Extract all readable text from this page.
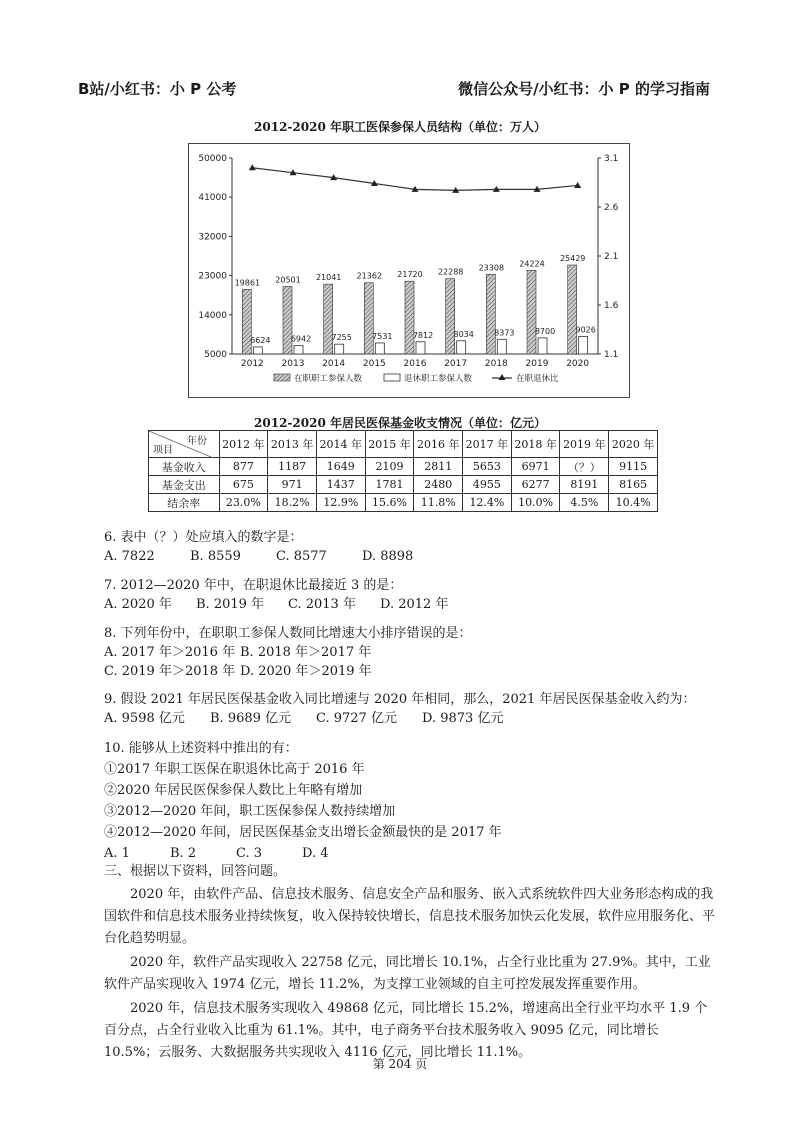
B站/小红书：小 P 公考	微信公众号/小红书：小 P 的学习指南
2012-2020 年职工医保参保人员结构（单位：万人）
5000
14000
23000
32000
41000
50000
1.1
1.6
2.1
2.6
3.1
19861
6624
2012
20501
6942
2013
21041
7255
2014
21362
7531
2015
21720
7812
2016
22288
8034
2017
23308
8373
2018
24224
8700
2019
25429
9026
2020
在职职工参保人数	退休职工参保人数	在职退休比
2012-2020 年居民医保基金收支情况（单位：亿元）
年份
项目	2012 年	2013 年	2014 年	2015 年	2016 年	2017 年	2018 年	2019 年	2020 年
基金收入	877	1187	1649	2109	2811	5653	6971	（？）	9115
基金支出	675	971	1437	1781	2480	4955	6277	8191	8165
结余率	23.0%	18.2%	12.9%	15.6%	11.8%	12.4%	10.0%	4.5%	10.4%
6. 表中（？）处应填入的数字是：
A. 7822	B. 8559	C. 8577	D. 8898
7. 2012—2020 年中，在职退休比最接近 3 的是：
A. 2020 年 B. 2019 年 C. 2013 年 D. 2012 年
8. 下列年份中，在职职工参保人数同比增速大小排序错误的是：
A. 2017 年＞2016 年 B. 2018 年＞2017 年
C. 2019 年＞2018 年 D. 2020 年＞2019 年
9. 假设 2021 年居民医保基金收入同比增速与 2020 年相同，那么，2021 年居民医保基金收入约为：
A. 9598 亿元 B. 9689 亿元 C. 9727 亿元 D. 9873 亿元
10. 能够从上述资料中推出的有：
①2017 年职工医保在职退休比高于 2016 年
②2020 年居民医保参保人数比上年略有增加
③2012—2020 年间，职工医保参保人数持续增加
④2012—2020 年间，居民医保基金支出增长金额最快的是 2017 年
A. 1	B. 2	C. 3	D. 4
三、根据以下资料，回答问题。
2020 年，由软件产品、信息技术服务、信息安全产品和服务、嵌入式系统软件四大业务形态构成的我国软件和信息技术服务业持续恢复，收入保持较快增长，信息技术服务加快云化发展，软件应用服务化、平台化趋势明显。
2020 年，软件产品实现收入 22758 亿元，同比增长 10.1%，占全行业比重为 27.9%。其中，工业软件产品实现收入 1974 亿元，增长 11.2%，为支撑工业领域的自主可控发展发挥重要作用。
2020 年，信息技术服务实现收入 49868 亿元，同比增长 15.2%，增速高出全行业平均水平 1.9 个百分点，占全行业收入比重为 61.1%。其中，电子商务平台技术服务收入 9095 亿元，同比增长 10.5%；云服务、大数据服务共实现收入 4116 亿元，同比增长 11.1%。
第 204 页
